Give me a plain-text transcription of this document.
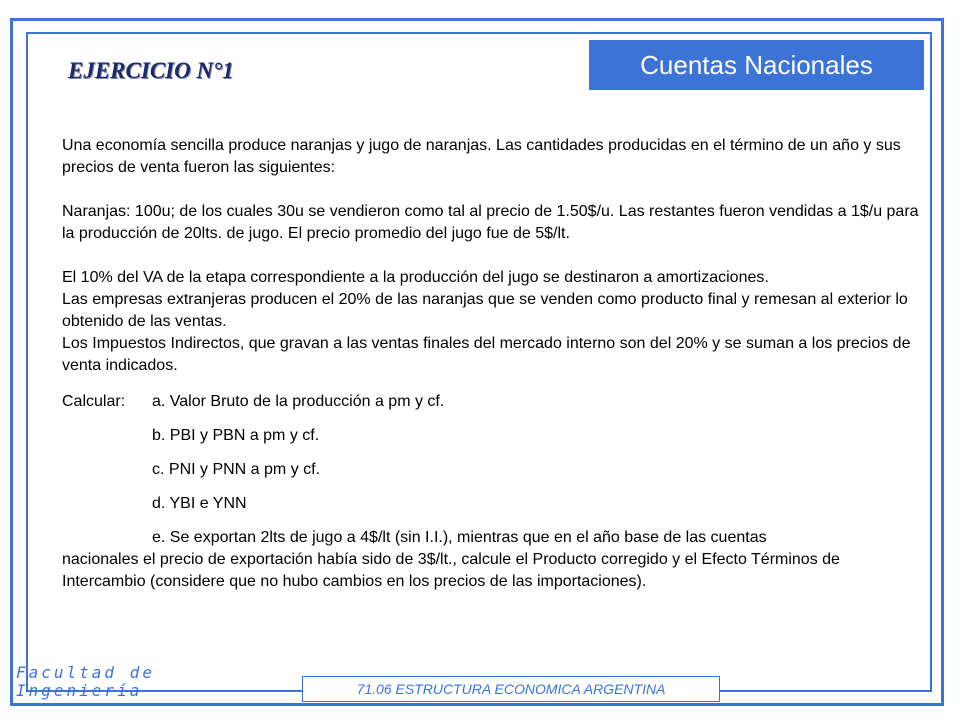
Cuentas Nacionales
EJERCICIO N°1

Una economía sencilla produce naranjas y jugo de naranjas. Las cantidades producidas en el término de un año y sus precios de venta fueron las siguientes:

Naranjas: 100u; de los cuales 30u se vendieron como tal al precio de 1.50$/u. Las restantes fueron vendidas a 1$/u para la producción de 20lts. de jugo. El precio promedio del jugo fue de 5$/lt.

El 10% del VA de la etapa correspondiente a la producción del jugo se destinaron a amortizaciones.

Las empresas extranjeras producen el 20% de las naranjas que se venden como producto final y remesan al exterior lo obtenido de las ventas.

Los Impuestos Indirectos, que gravan a las ventas finales del mercado interno son del 20% y se suman a los precios de venta indicados.

Calcular:	a. Valor Bruto de la producción a pm y cf.
b. PBI y PBN a pm y cf.
c. PNI y PNN a pm y cf.
d. YBI e YNN
e. Se exportan 2lts de jugo a 4$/lt (sin I.I.), mientras que en el año base de las cuentas
nacionales el precio de exportación había sido de 3$/lt., calcule el Producto corregido y el Efecto Términos de Intercambio (considere que no hubo cambios en los precios de las importaciones).
Facultad de
Ingeniería	71.06 ESTRUCTURA ECONOMICA ARGENTINA
